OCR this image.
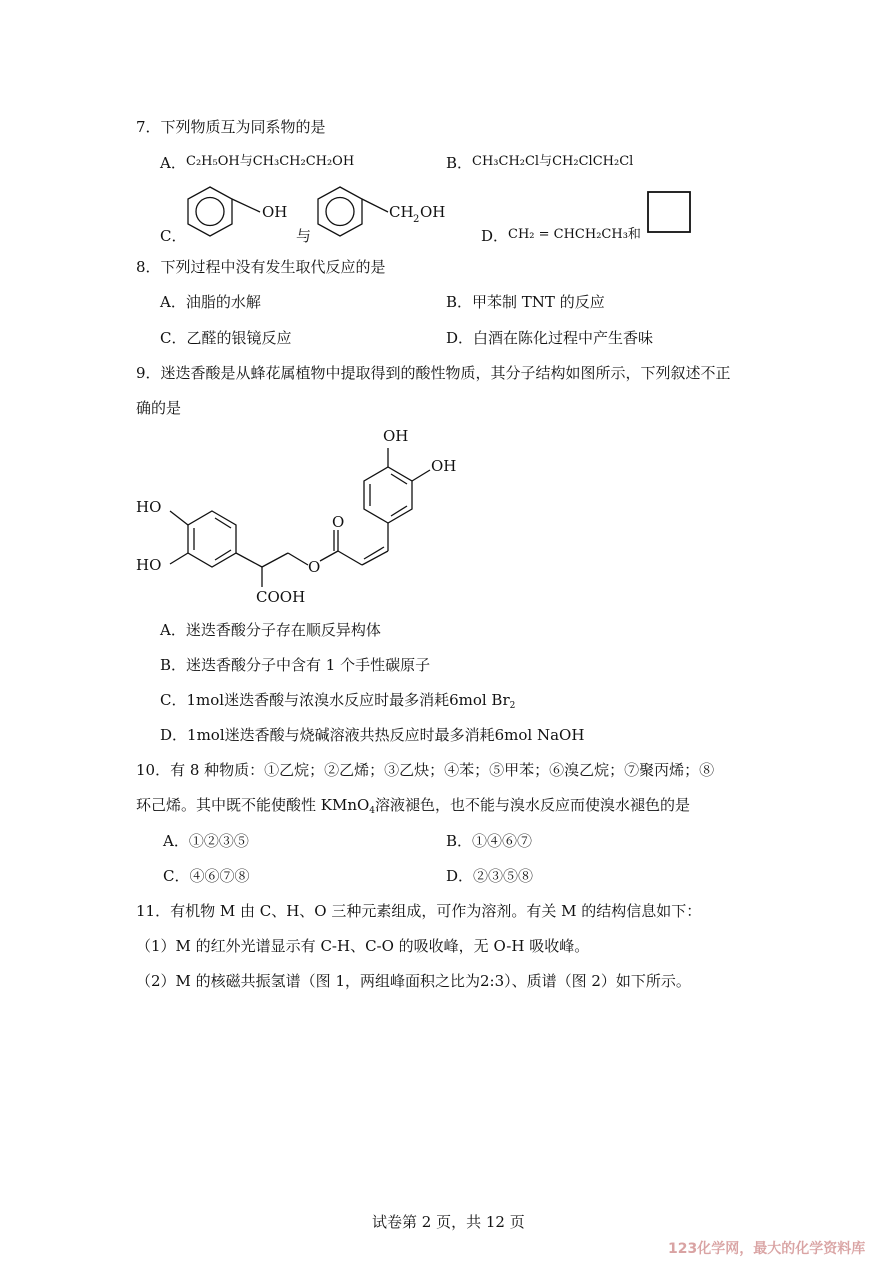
7．下列物质互为同系物的是
A． C₂H₅OH与CH₃CH₂CH₂OH	B． CH₃CH₂Cl与CH₂ClCH₂Cl
C．
OH
与
CH 2 OH
D． CH₂ = CHCH₂CH₃和
8．下列过程中没有发生取代反应的是
A．油脂的水解	B．甲苯制 TNT 的反应
C．乙醛的银镜反应	D．白酒在陈化过程中产生香味
9．迷迭香酸是从蜂花属植物中提取得到的酸性物质，其分子结构如图所示，下列叙述不正
确的是
HO
HO
COOH
O
O
OH
OH
A．迷迭香酸分子存在顺反异构体
B．迷迭香酸分子中含有 1 个手性碳原子
C．1mol迷迭香酸与浓溴水反应时最多消耗6mol $Br_2$
D．1mol迷迭香酸与烧碱溶液共热反应时最多消耗6mol NaOH
10．有 8 种物质：①乙烷；②乙烯；③乙炔；④苯；⑤甲苯；⑥溴乙烷；⑦聚丙烯；⑧
环己烯。其中既不能使酸性 KMnO$_4$溶液褪色，也不能与溴水反应而使溴水褪色的是
A．①②③⑤	B．①④⑥⑦
C．④⑥⑦⑧	D．②③⑤⑧
11．有机物 M 由 C、H、O 三种元素组成，可作为溶剂。有关 M 的结构信息如下：
（1）M 的红外光谱显示有 C-H、C-O 的吸收峰，无 O-H 吸收峰。
（2）M 的核磁共振氢谱（图 1，两组峰面积之比为2:3）、质谱（图 2）如下所示。
试卷第 2 页，共 12 页
123化学网，最大的化学资料库
